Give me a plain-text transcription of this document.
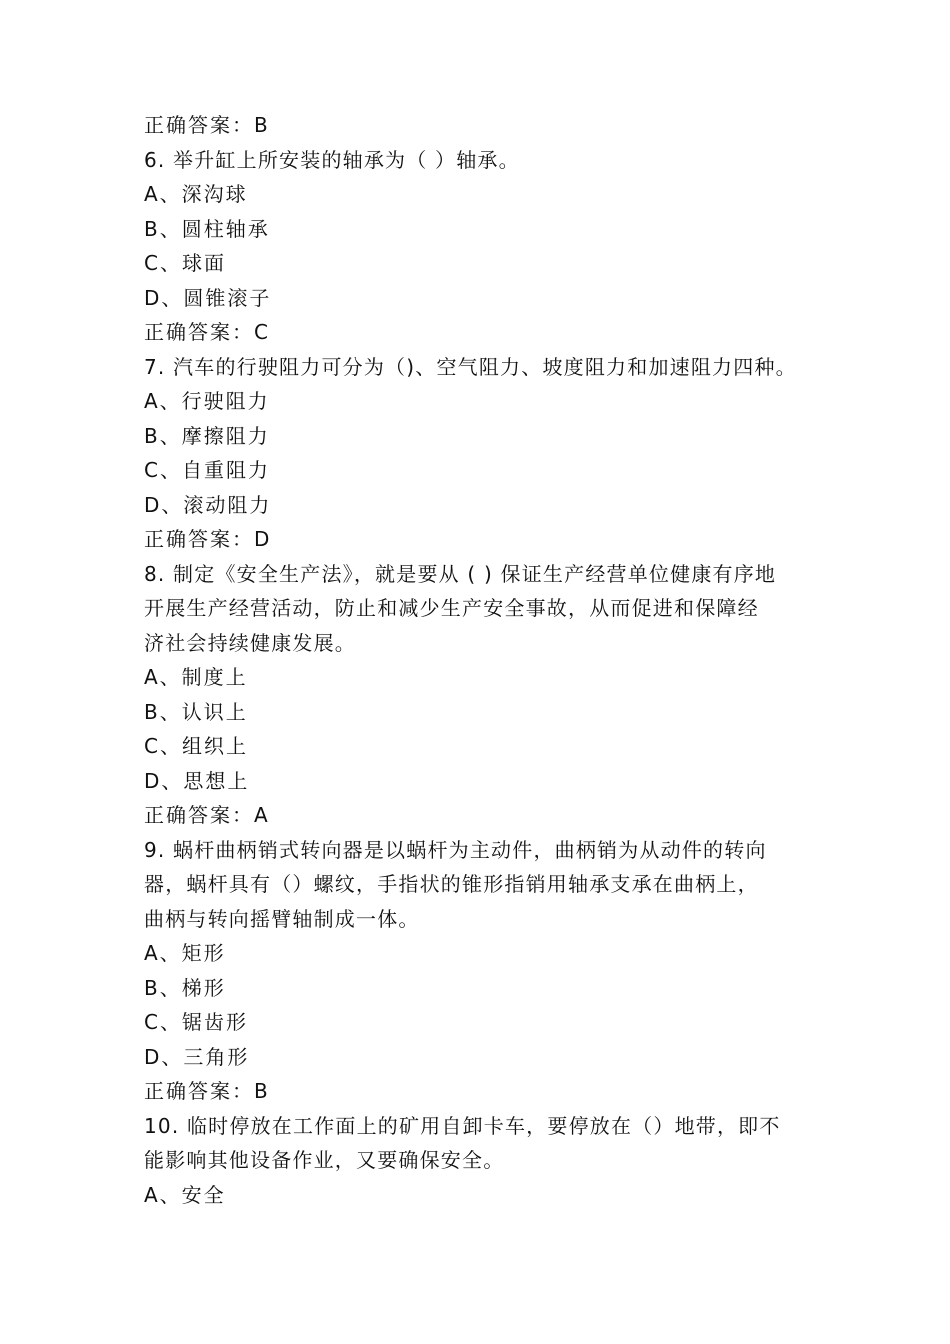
正确答案：B
6. 举升缸上所安装的轴承为（ ）轴承。
A、深沟球
B、圆柱轴承
C、球面
D、圆锥滚子
正确答案：C
7. 汽车的行驶阻力可分为（)、空气阻力、坡度阻力和加速阻力四种。
A、行驶阻力
B、摩擦阻力
C、自重阻力
D、滚动阻力
正确答案：D
8. 制定《安全生产法》，就是要从 ( ) 保证生产经营单位健康有序地
开展生产经营活动，防止和减少生产安全事故，从而促进和保障经
济社会持续健康发展。
A、制度上
B、认识上
C、组织上
D、思想上
正确答案：A
9. 蜗杆曲柄销式转向器是以蜗杆为主动件，曲柄销为从动件的转向
器，蜗杆具有（）螺纹，手指状的锥形指销用轴承支承在曲柄上，
曲柄与转向摇臂轴制成一体。
A、矩形
B、梯形
C、锯齿形
D、三角形
正确答案：B
10. 临时停放在工作面上的矿用自卸卡车，要停放在（）地带，即不
能影响其他设备作业，又要确保安全。
A、安全
